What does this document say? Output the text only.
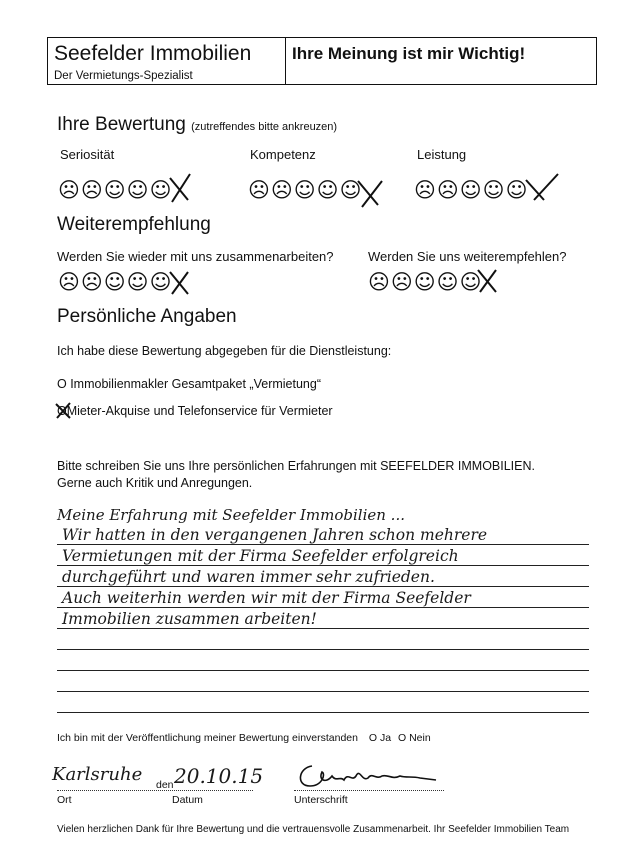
Seefelder Immobilien
Der Vermietungs-Spezialist
Ihre Meinung ist mir Wichtig!
Ihre Bewertung (zutreffendes bitte ankreuzen)
Seriosität	Kompetenz	Leistung
☹☹☺☺☺	☹☹☺☺☺ ☹☹☺☺☺
Weiterempfehlung
Werden Sie wieder mit uns zusammenarbeiten?	Werden Sie uns weiterempfehlen?
☹☹☺☺☺	☹☹☺☺☺
Persönliche Angaben
Ich habe diese Bewertung abgegeben für die Dienstleistung:
O Immobilienmakler Gesamtpaket „Vermietung“
OMieter-Akquise und Telefonservice für Vermieter
Bitte schreiben Sie uns Ihre persönlichen Erfahrungen mit SEEFELDER IMMOBILIEN.
Gerne auch Kritik und Anregungen.
Meine Erfahrung mit Seefelder Immobilien ...
Wir hatten in den vergangenen Jahren schon mehrere
Vermietungen mit der Firma Seefelder erfolgreich
durchgeführt und waren immer sehr zufrieden.
Auch weiterhin werden wir mit der Firma Seefelder
Immobilien zusammen arbeiten!
Ich bin mit der Veröffentlichung meiner Bewertung einverstanden O Ja O Nein
Karlsruhe den 20.10.15
Ort	Datum	Unterschrift
Vielen herzlichen Dank für Ihre Bewertung und die vertrauensvolle Zusammenarbeit. Ihr Seefelder Immobilien Team
